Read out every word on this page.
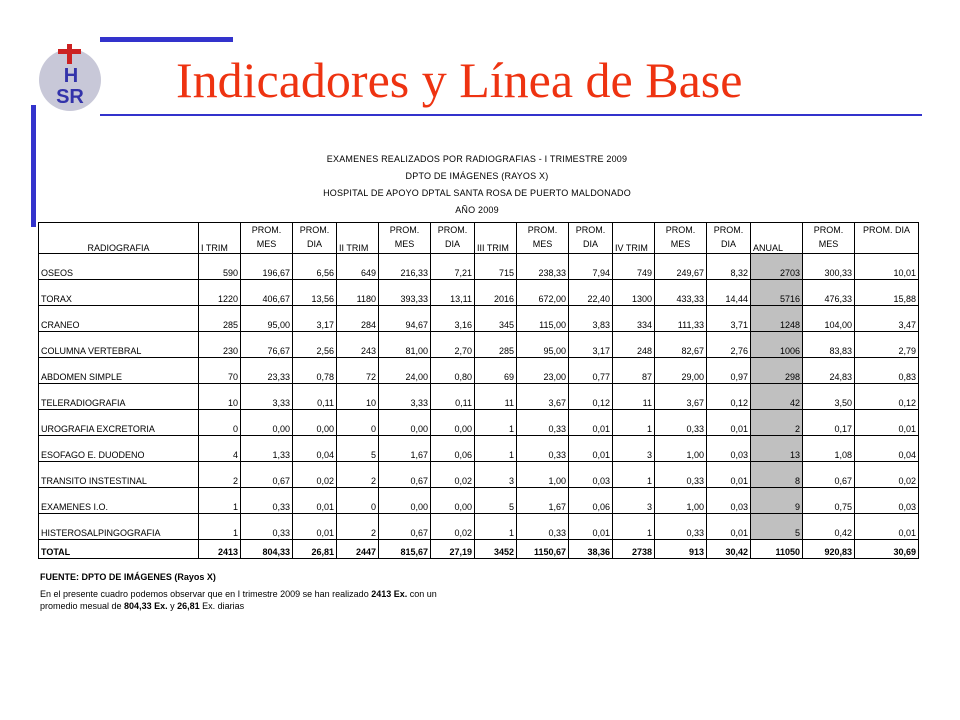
H
SR Indicadores y Línea de Base
EXAMENES REALIZADOS POR RADIOGRAFIAS - I TRIMESTRE 2009
DPTO DE IMÁGENES (RAYOS X)
HOSPITAL DE APOYO DPTAL SANTA ROSA DE PUERTO MALDONADO
AÑO 2009
RADIOGRAFIA	I TRIM	PROM. MES	PROM. DIA	II TRIM	PROM. MES	PROM. DIA	III TRIM	PROM. MES	PROM. DIA	IV TRIM	PROM. MES	PROM. DIA	ANUAL	PROM. MES	PROM. DIA
OSEOS	590	196,67	6,56	649	216,33	7,21	715	238,33	7,94	749	249,67	8,32	2703	300,33	10,01
TORAX	1220	406,67	13,56	1180	393,33	13,11	2016	672,00	22,40	1300	433,33	14,44	5716	476,33	15,88
CRANEO	285	95,00	3,17	284	94,67	3,16	345	115,00	3,83	334	111,33	3,71	1248	104,00	3,47
COLUMNA VERTEBRAL	230	76,67	2,56	243	81,00	2,70	285	95,00	3,17	248	82,67	2,76	1006	83,83	2,79
ABDOMEN SIMPLE	70	23,33	0,78	72	24,00	0,80	69	23,00	0,77	87	29,00	0,97	298	24,83	0,83
TELERADIOGRAFIA	10	3,33	0,11	10	3,33	0,11	11	3,67	0,12	11	3,67	0,12	42	3,50	0,12
UROGRAFIA EXCRETORIA	0	0,00	0,00	0	0,00	0,00	1	0,33	0,01	1	0,33	0,01	2	0,17	0,01
ESOFAGO E. DUODENO	4	1,33	0,04	5	1,67	0,06	1	0,33	0,01	3	1,00	0,03	13	1,08	0,04
TRANSITO INSTESTINAL	2	0,67	0,02	2	0,67	0,02	3	1,00	0,03	1	0,33	0,01	8	0,67	0,02
EXAMENES I.O.	1	0,33	0,01	0	0,00	0,00	5	1,67	0,06	3	1,00	0,03	9	0,75	0,03
HISTEROSALPINGOGRAFIA	1	0,33	0,01	2	0,67	0,02	1	0,33	0,01	1	0,33	0,01	5	0,42	0,01
TOTAL	2413	804,33	26,81	2447	815,67	27,19	3452	1150,67	38,36	2738	913	30,42	11050	920,83	30,69
FUENTE: DPTO DE IMÁGENES (Rayos X)
En el presente cuadro podemos observar que en I trimestre 2009 se han realizado 2413 Ex. con un
promedio mesual de 804,33 Ex. y 26,81 Ex. diarias
